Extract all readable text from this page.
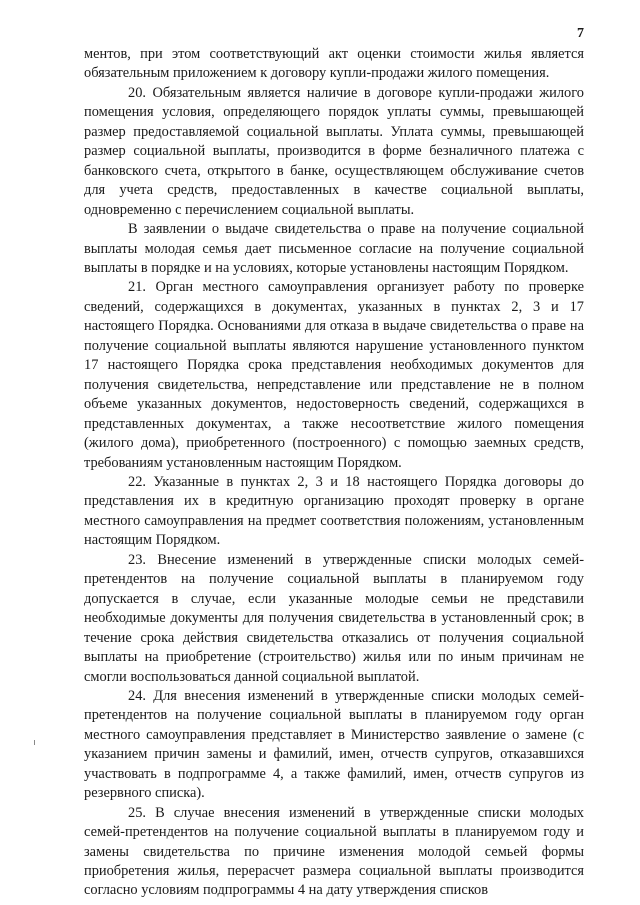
7

ментов, при этом соответствующий акт оценки стоимости жилья является обязательным приложением к договору купли-продажи жилого помещения.

20. Обязательным является наличие в договоре купли-продажи жилого помещения условия, определяющего порядок уплаты суммы, превышающей размер предоставляемой социальной выплаты. Уплата суммы, превышающей размер социальной выплаты, производится в форме безналичного платежа с банковского счета, открытого в банке, осуществляющем обслуживание счетов для учета средств, предоставленных в качестве социальной выплаты, одновременно с перечислением социальной выплаты.

В заявлении о выдаче свидетельства о праве на получение социальной выплаты молодая семья дает письменное согласие на получение социальной выплаты в порядке и на условиях, которые установлены настоящим Порядком.

21. Орган местного самоуправления организует работу по проверке сведений, содержащихся в документах, указанных в пунктах 2, 3 и 17 настоящего Порядка. Основаниями для отказа в выдаче свидетельства о праве на получение социальной выплаты являются нарушение установленного пунктом 17 настоящего Порядка срока представления необходимых документов для получения свидетельства, непредставление или представление не в полном объеме указанных документов, недостоверность сведений, содержащихся в представленных документах, а также несоответствие жилого помещения (жилого дома), приобретенного (построенного) с помощью заемных средств, требованиям установленным настоящим Порядком.

22. Указанные в пунктах 2, 3 и 18 настоящего Порядка договоры до представления их в кредитную организацию проходят проверку в органе местного самоуправления на предмет соответствия положениям, установленным настоящим Порядком.

23. Внесение изменений в утвержденные списки молодых семей-претендентов на получение социальной выплаты в планируемом году допускается в случае, если указанные молодые семьи не представили необходимые документы для получения свидетельства в установленный срок; в течение срока действия свидетельства отказались от получения социальной выплаты на приобретение (строительство) жилья или по иным причинам не смогли воспользоваться данной социальной выплатой.

24. Для внесения изменений в утвержденные списки молодых семей-претендентов на получение социальной выплаты в планируемом году орган местного самоуправления представляет в Министерство заявление о замене (с указанием причин замены и фамилий, имен, отчеств супругов, отказавшихся участвовать в подпрограмме 4, а также фамилий, имен, отчеств супругов из резервного списка).

25. В случае внесения изменений в утвержденные списки молодых семей-претендентов на получение социальной выплаты в планируемом году и замены свидетельства по причине изменения молодой семьей формы приобретения жилья, перерасчет размера социальной выплаты производится согласно условиям подпрограммы 4 на дату утверждения списков
